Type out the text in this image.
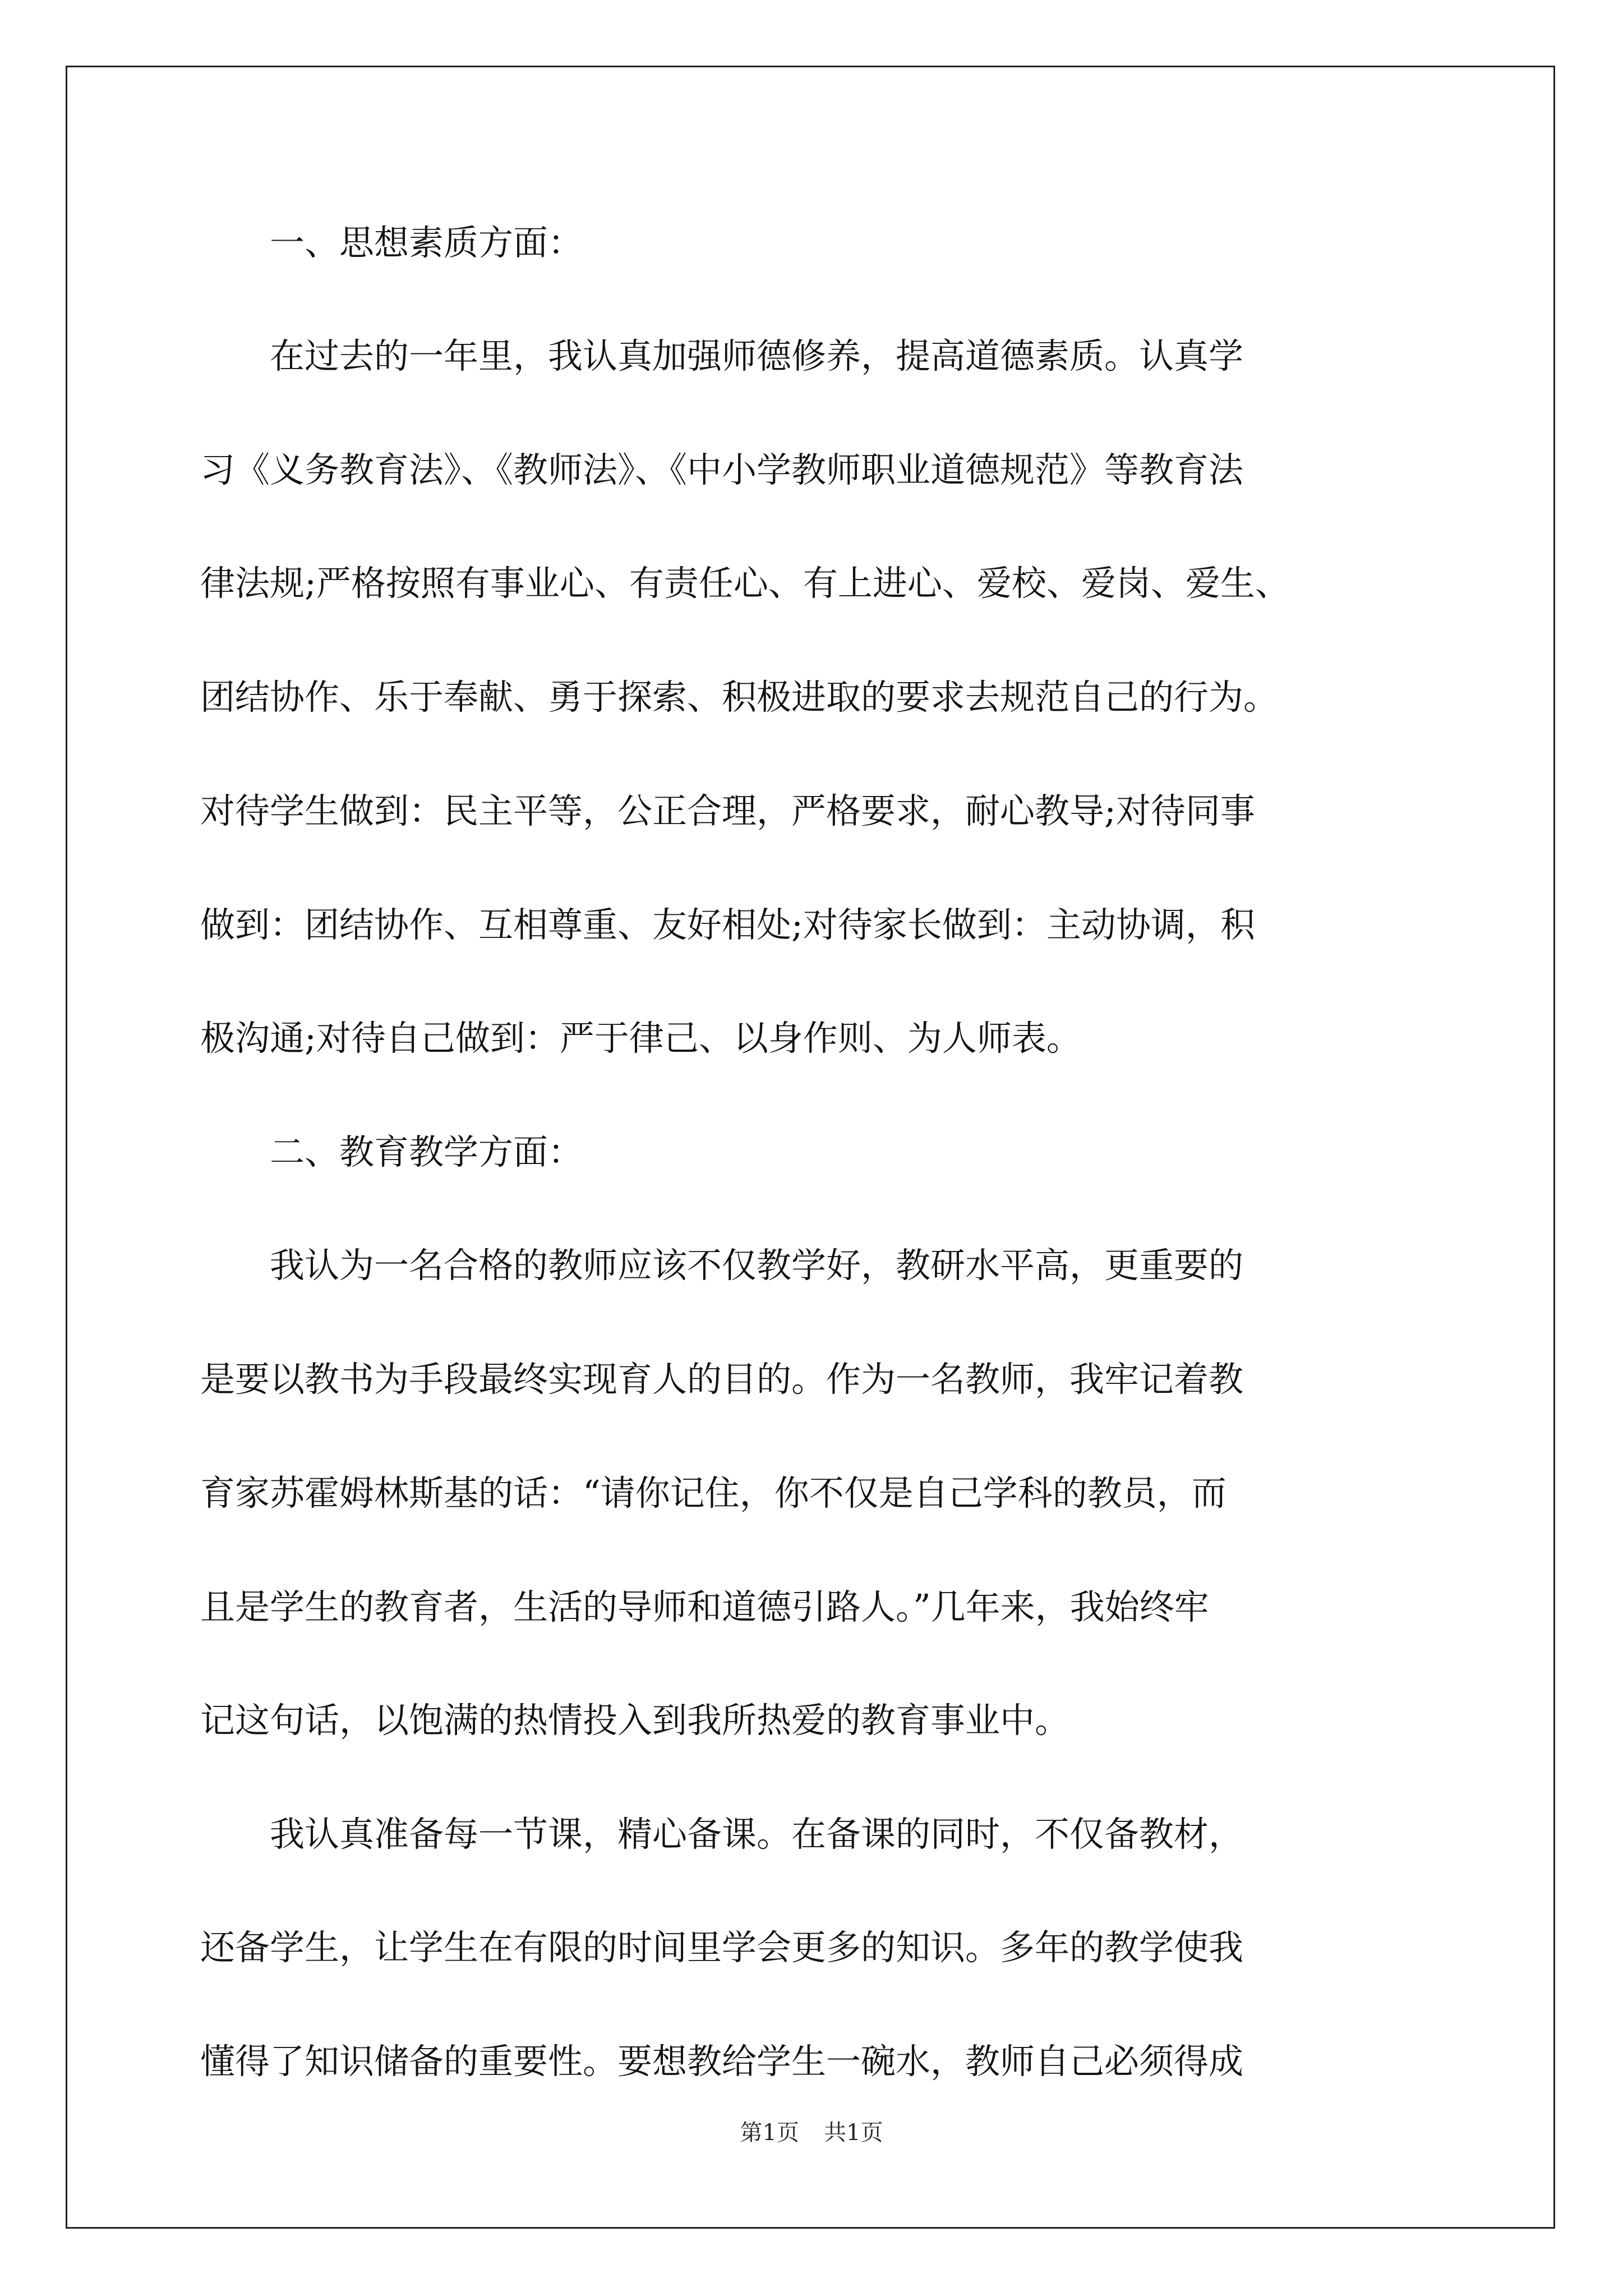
　　一、思想素质方面：
　　在过去的一年里，我认真加强师德修养，提高道德素质。认真学
习《义务教育法》、《教师法》、《中小学教师职业道德规范》等教育法
律法规;严格按照有事业心、有责任心、有上进心、爱校、爱岗、爱生、
团结协作、乐于奉献、勇于探索、积极进取的要求去规范自己的行为。
对待学生做到：民主平等，公正合理，严格要求，耐心教导;对待同事
做到：团结协作、互相尊重、友好相处;对待家长做到：主动协调，积
极沟通;对待自己做到：严于律己、以身作则、为人师表。
　　二、教育教学方面：
　　我认为一名合格的教师应该不仅教学好，教研水平高，更重要的
是要以教书为手段最终实现育人的目的。作为一名教师，我牢记着教
育家苏霍姆林斯基的话：“请你记住，你不仅是自己学科的教员，而
且是学生的教育者，生活的导师和道德引路人。”几年来，我始终牢
记这句话，以饱满的热情投入到我所热爱的教育事业中。
　　我认真准备每一节课，精心备课。在备课的同时，不仅备教材，
还备学生，让学生在有限的时间里学会更多的知识。多年的教学使我
懂得了知识储备的重要性。要想教给学生一碗水，教师自己必须得成
第1页 共1页
